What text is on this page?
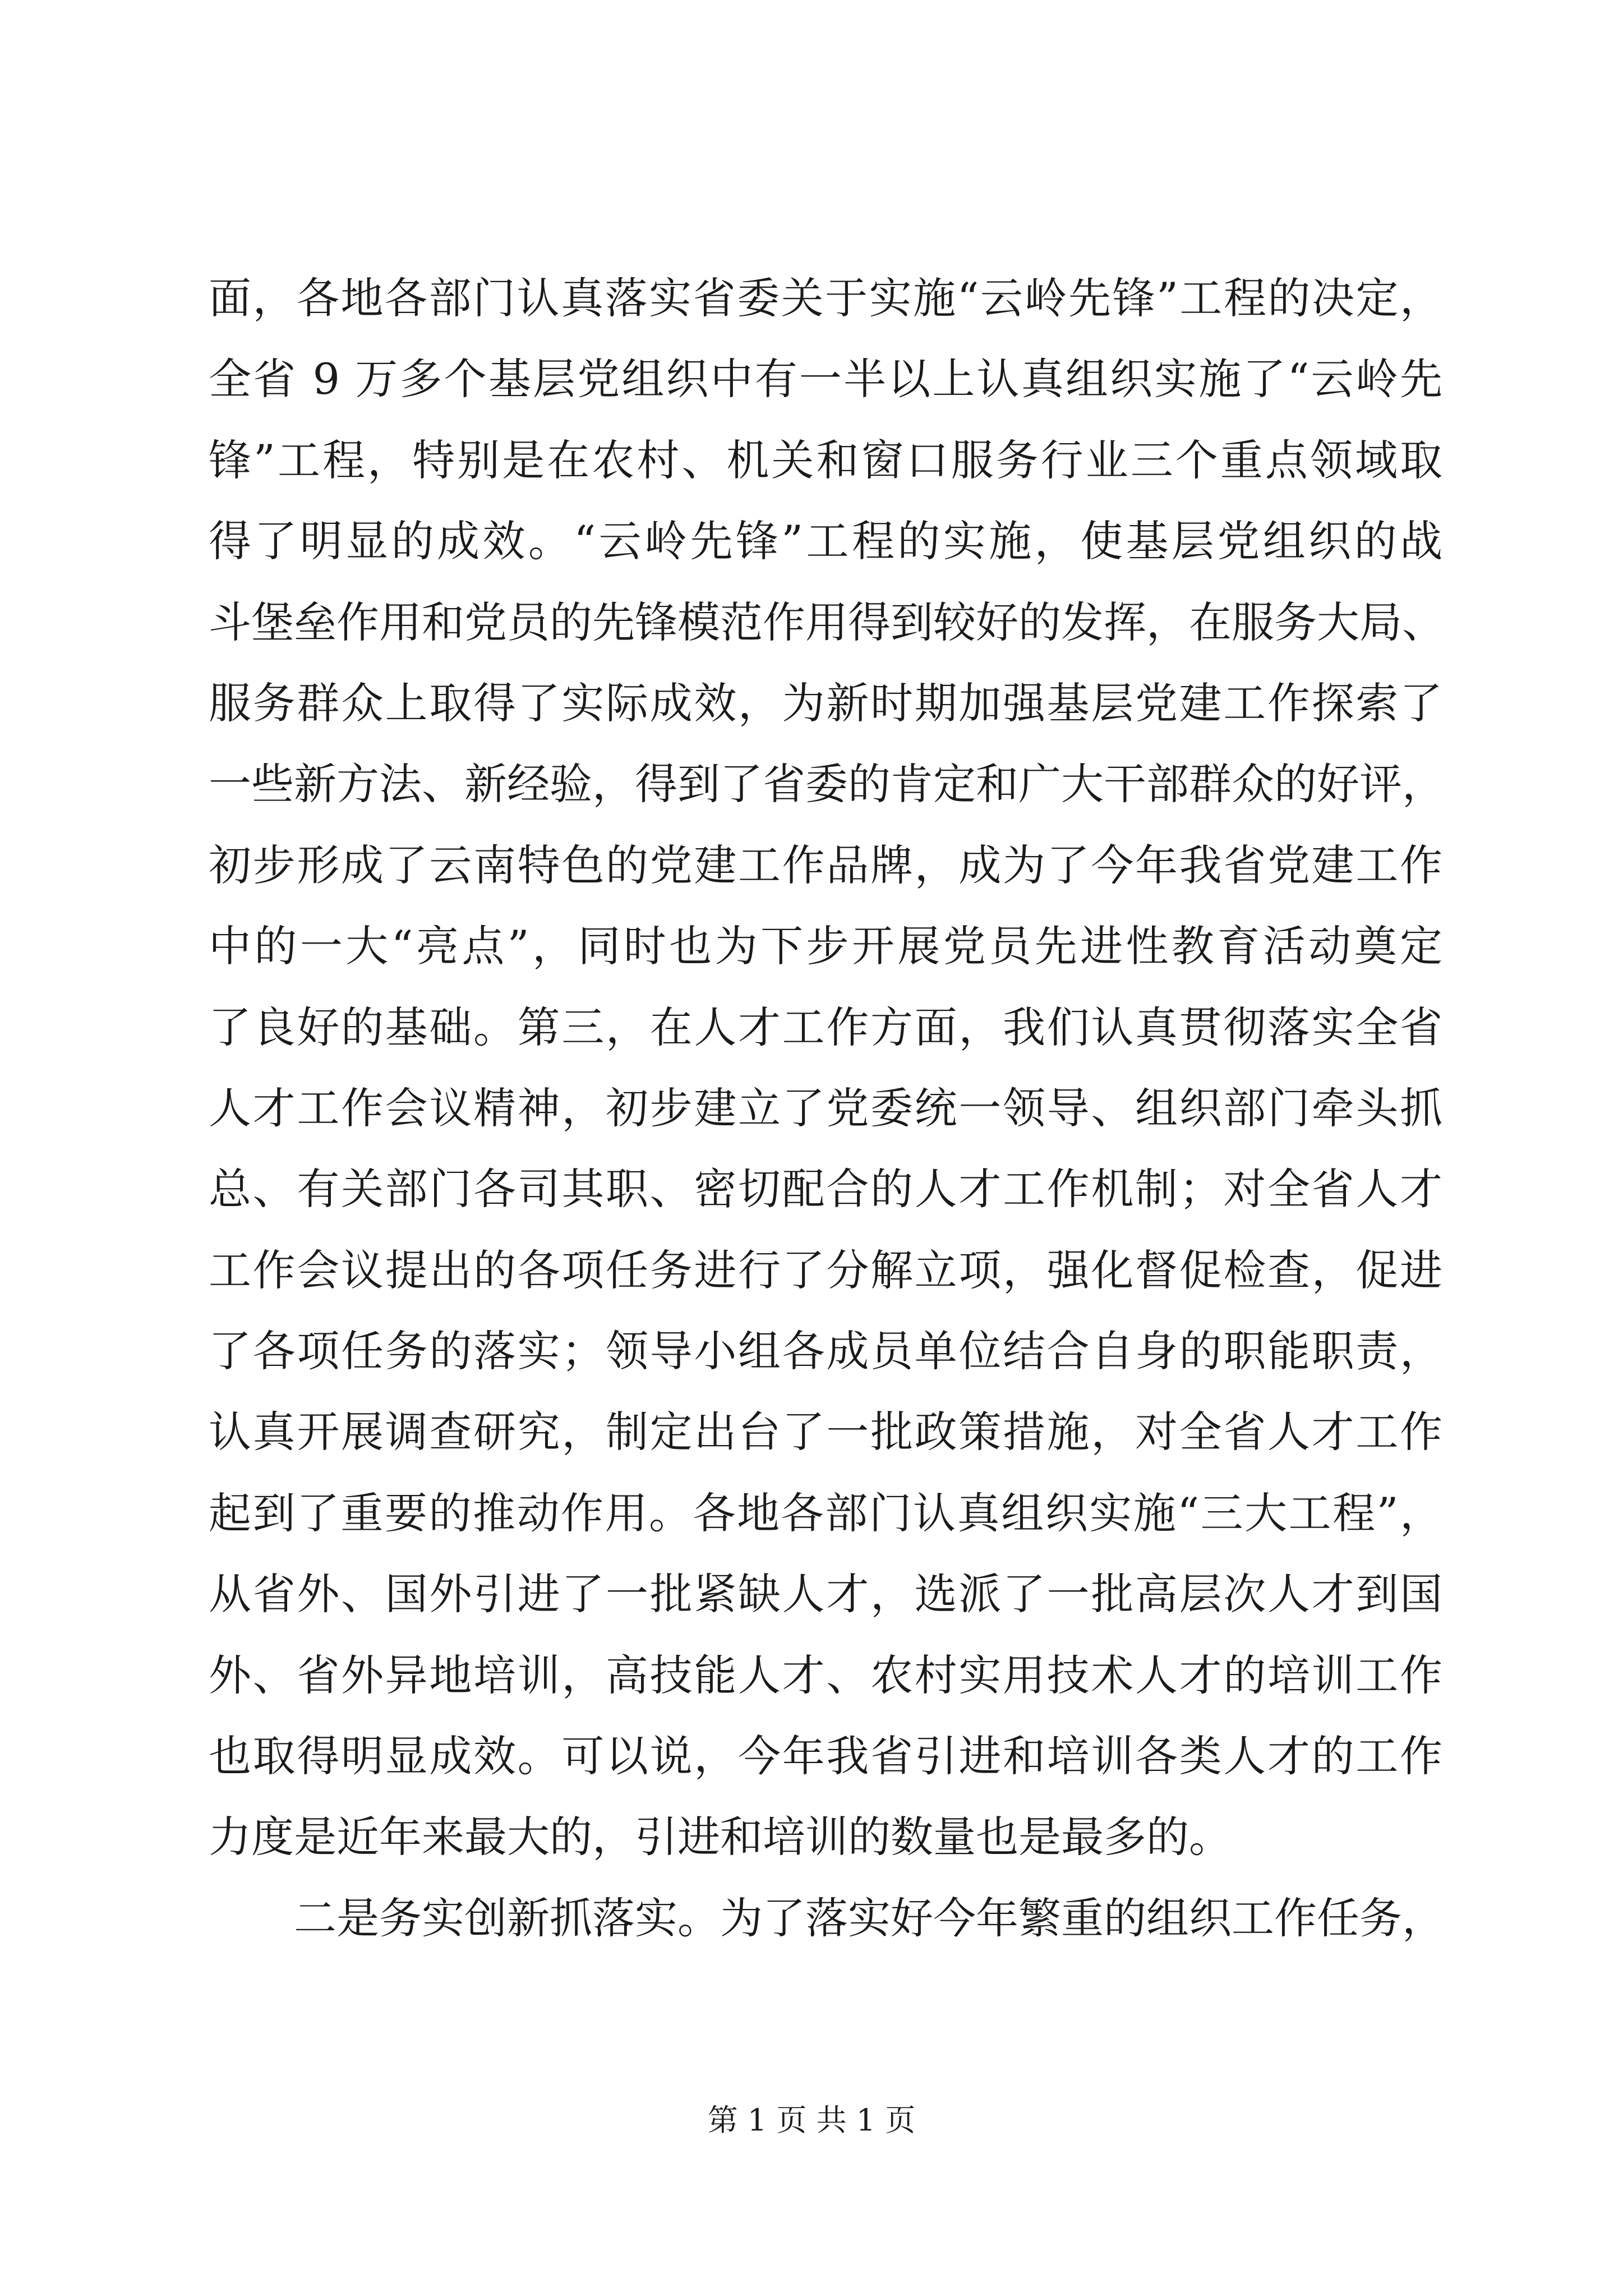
面，各地各部门认真落实省委关于实施“云岭先锋”工程的决定，
全省 9 万多个基层党组织中有一半以上认真组织实施了“云岭先
锋”工程，特别是在农村、机关和窗口服务行业三个重点领域取
得了明显的成效。“云岭先锋”工程的实施，使基层党组织的战
斗堡垒作用和党员的先锋模范作用得到较好的发挥，在服务大局、
服务群众上取得了实际成效，为新时期加强基层党建工作探索了
一些新方法、新经验，得到了省委的肯定和广大干部群众的好评，
初步形成了云南特色的党建工作品牌，成为了今年我省党建工作
中的一大“亮点”，同时也为下步开展党员先进性教育活动奠定
了良好的基础。第三，在人才工作方面，我们认真贯彻落实全省
人才工作会议精神，初步建立了党委统一领导、组织部门牵头抓
总、有关部门各司其职、密切配合的人才工作机制；对全省人才
工作会议提出的各项任务进行了分解立项，强化督促检查，促进
了各项任务的落实；领导小组各成员单位结合自身的职能职责，
认真开展调查研究，制定出台了一批政策措施，对全省人才工作
起到了重要的推动作用。各地各部门认真组织实施“三大工程”，
从省外、国外引进了一批紧缺人才，选派了一批高层次人才到国
外、省外异地培训，高技能人才、农村实用技术人才的培训工作
也取得明显成效。可以说，今年我省引进和培训各类人才的工作
力度是近年来最大的，引进和培训的数量也是最多的。
二是务实创新抓落实。为了落实好今年繁重的组织工作任务，
第 1 页 共 1 页
